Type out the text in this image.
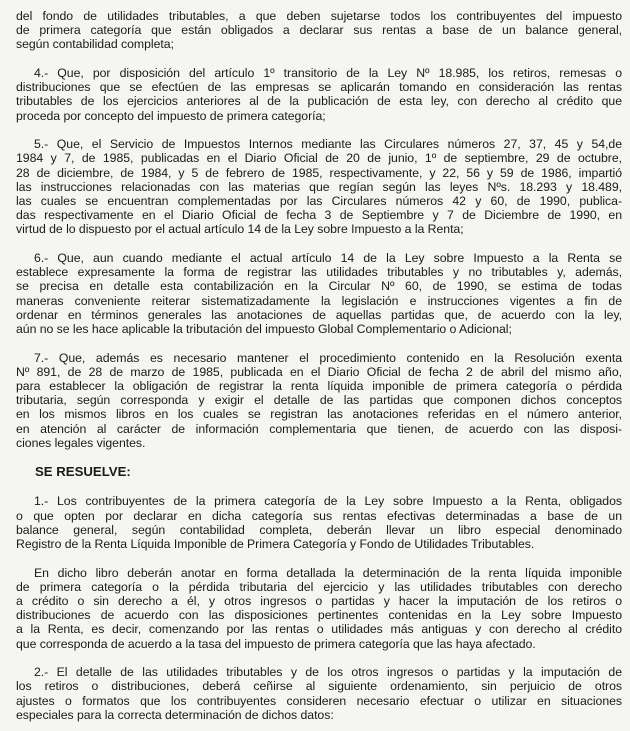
del fondo de utilidades tributables, a que deben sujetarse todos los contribuyentes del impuesto
de primera categoría que están obligados a declarar sus rentas a base de un balance general,
según contabilidad completa;
4.- Que, por disposición del artículo 1º transitorio de la Ley Nº 18.985, los retiros, remesas o
distribuciones que se efectúen de las empresas se aplicarán tomando en consideración las rentas
tributables de los ejercicios anteriores al de la publicación de esta ley, con derecho al crédito que
proceda por concepto del impuesto de primera categoría;
5.- Que, el Servicio de Impuestos Internos mediante las Circulares números 27, 37, 45 y 54,de
1984 y 7, de 1985, publicadas en el Diario Oficial de 20 de junio, 1º de septiembre, 29 de octubre,
28 de diciembre, de 1984, y 5 de febrero de 1985, respectivamente, y 22, 56 y 59 de 1986, impartió
las instrucciones relacionadas con las materias que regían según las leyes Nºs. 18.293 y 18.489,
las cuales se encuentran complementadas por las Circulares números 42 y 60, de 1990, publica-
das respectivamente en el Diario Oficial de fecha 3 de Septiembre y 7 de Diciembre de 1990, en
virtud de lo dispuesto por el actual artículo 14 de la Ley sobre Impuesto a la Renta;
6.- Que, aun cuando mediante el actual artículo 14 de la Ley sobre Impuesto a la Renta se
establece expresamente la forma de registrar las utilidades tributables y no tributables y, además,
se precisa en detalle esta contabilización en la Circular Nº 60, de 1990, se estima de todas
maneras conveniente reiterar sistematizadamente la legislación e instrucciones vigentes a fin de
ordenar en términos generales las anotaciones de aquellas partidas que, de acuerdo con la ley,
aún no se les hace aplicable la tributación del impuesto Global Complementario o Adicional;
7.- Que, además es necesario mantener el procedimiento contenido en la Resolución exenta
Nº 891, de 28 de marzo de 1985, publicada en el Diario Oficial de fecha 2 de abril del mismo año,
para establecer la obligación de registrar la renta líquida imponible de primera categoría o pérdida
tributaria, según corresponda y exigir el detalle de las partidas que componen dichos conceptos
en los mismos libros en los cuales se registran las anotaciones referidas en el número anterior,
en atención al carácter de información complementaria que tienen, de acuerdo con las disposi-
ciones legales vigentes.
SE RESUELVE:
1.- Los contribuyentes de la primera categoría de la Ley sobre Impuesto a la Renta, obligados
o que opten por declarar en dicha categoría sus rentas efectivas determinadas a base de un
balance general, según contabilidad completa, deberán llevar un libro especial denominado
Registro de la Renta Líquida Imponible de Primera Categoría y Fondo de Utilidades Tributables.
En dicho libro deberán anotar en forma detallada la determinación de la renta líquida imponible
de primera categoría o la pérdida tributaria del ejercicio y las utilidades tributables con derecho
a crédito o sin derecho a él, y otros ingresos o partidas y hacer la imputación de los retiros o
distribuciones de acuerdo con las disposiciones pertinentes contenidas en la Ley sobre Impuesto
a la Renta, es decir, comenzando por las rentas o utilidades más antiguas y con derecho al crédito
que corresponda de acuerdo a la tasa del impuesto de primera categoría que las haya afectado.
2.- El detalle de las utilidades tributables y de los otros ingresos o partidas y la imputación de
los retiros o distribuciones, deberá ceñirse al siguiente ordenamiento, sin perjuicio de otros
ajustes o formatos que los contribuyentes consideren necesario efectuar o utilizar en situaciones
especiales para la correcta determinación de dichos datos:
